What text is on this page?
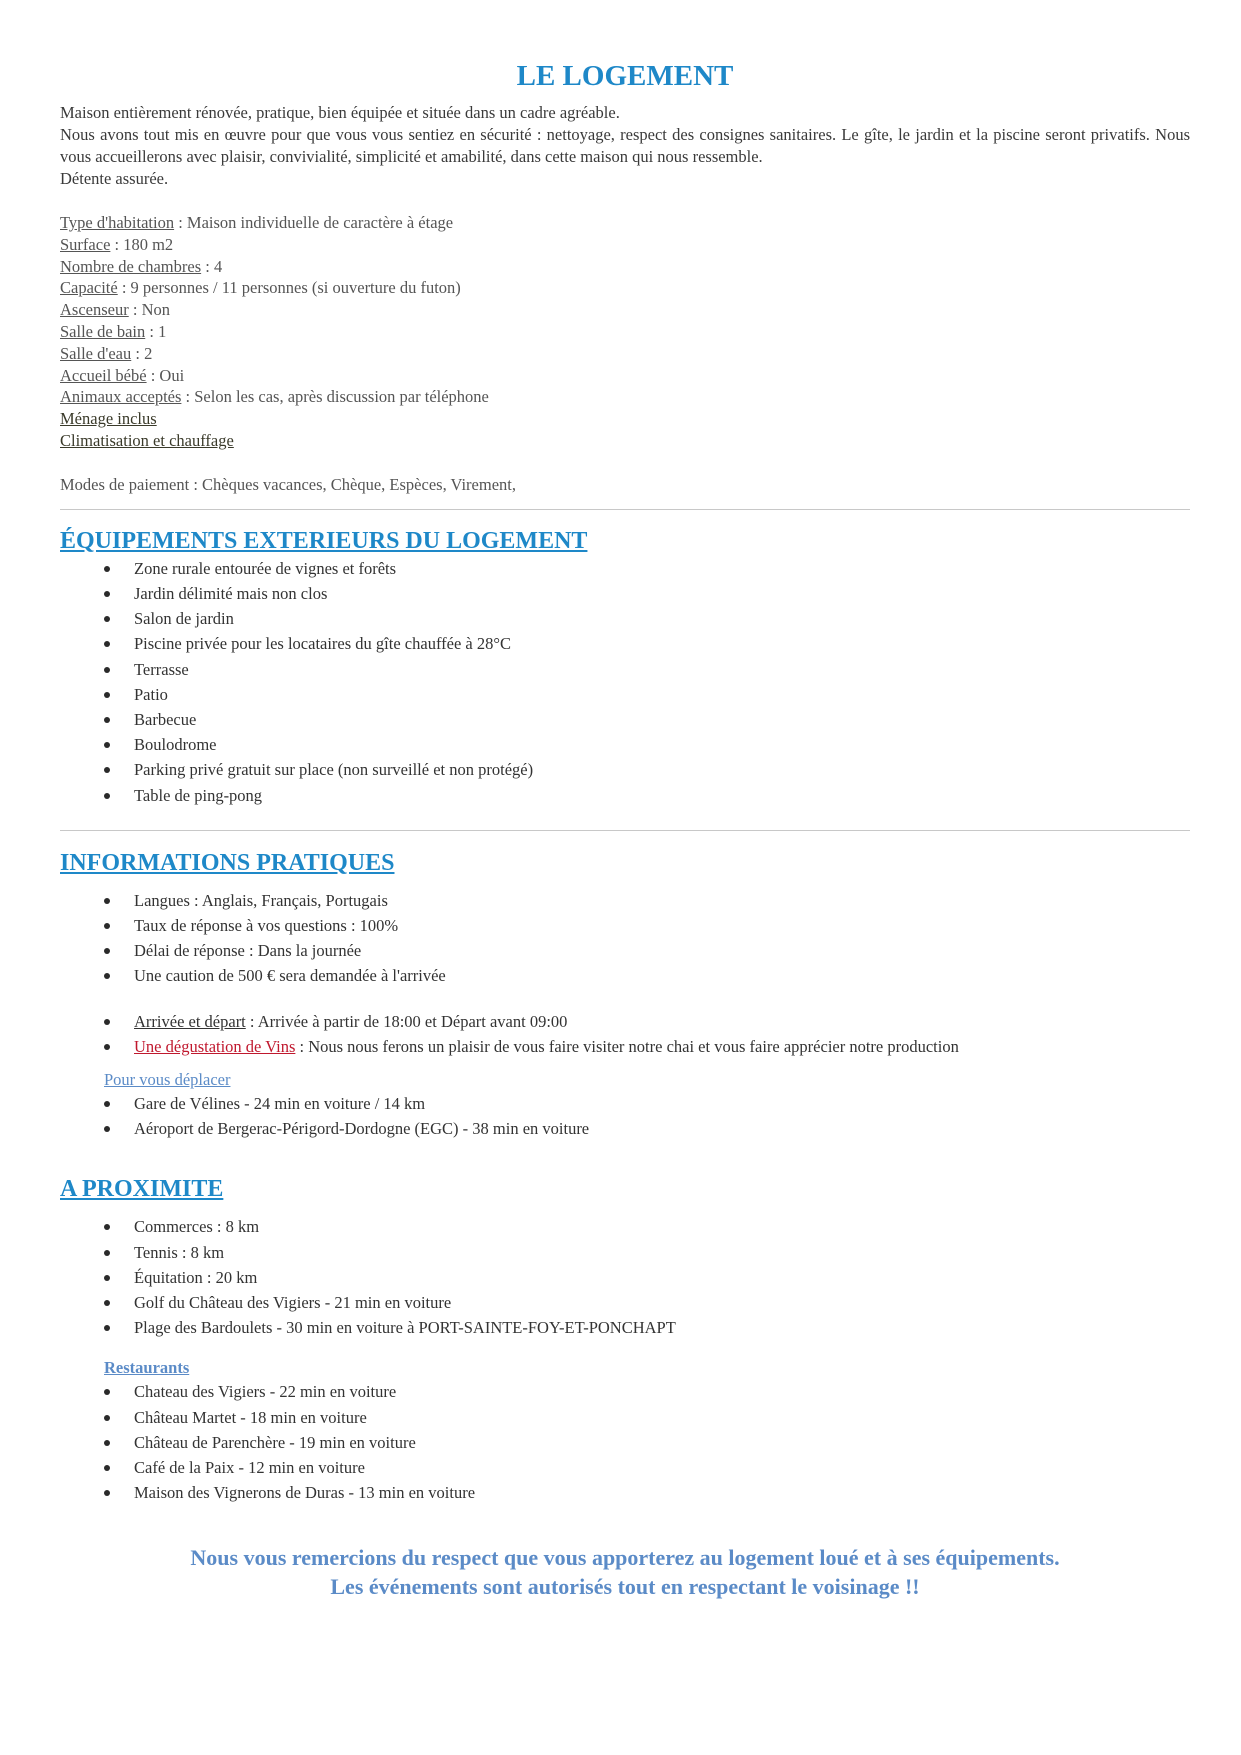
LE LOGEMENT

Maison entièrement rénovée, pratique, bien équipée et située dans un cadre agréable.

Nous avons tout mis en œuvre pour que vous vous sentiez en sécurité : nettoyage, respect des consignes sanitaires. Le gîte, le jardin et la piscine seront privatifs. Nous vous accueillerons avec plaisir, convivialité, simplicité et amabilité, dans cette maison qui nous ressemble.

Détente assurée.

Type d'habitation : Maison individuelle de caractère à étage
Surface : 180 m2
Nombre de chambres : 4
Capacité : 9 personnes / 11 personnes (si ouverture du futon)
Ascenseur : Non
Salle de bain : 1
Salle d'eau : 2
Accueil bébé : Oui
Animaux acceptés : Selon les cas, après discussion par téléphone
Ménage inclus
Climatisation et chauffage
Modes de paiement : Chèques vacances, Chèque, Espèces, Virement,
ÉQUIPEMENTS EXTERIEURS DU LOGEMENT
Zone rurale entourée de vignes et forêts
Jardin délimité mais non clos
Salon de jardin
Piscine privée pour les locataires du gîte chauffée à 28°C
Terrasse
Patio
Barbecue
Boulodrome
Parking privé gratuit sur place (non surveillé et non protégé)
Table de ping-pong
INFORMATIONS PRATIQUES
Langues : Anglais, Français, Portugais
Taux de réponse à vos questions : 100%
Délai de réponse : Dans la journée
Une caution de 500 € sera demandée à l'arrivée
Arrivée et départ : Arrivée à partir de 18:00 et Départ avant 09:00
Une dégustation de Vins : Nous nous ferons un plaisir de vous faire visiter notre chai et vous faire apprécier notre production
Pour vous déplacer
Gare de Vélines - 24 min en voiture / 14 km
Aéroport de Bergerac-Périgord-Dordogne (EGC) - 38 min en voiture
A PROXIMITE
Commerces : 8 km
Tennis : 8 km
Équitation : 20 km
Golf du Château des Vigiers - 21 min en voiture
Plage des Bardoulets - 30 min en voiture à PORT-SAINTE-FOY-ET-PONCHAPT
Restaurants
Chateau des Vigiers - 22 min en voiture
Château Martet - 18 min en voiture
Château de Parenchère - 19 min en voiture
Café de la Paix - 12 min en voiture
Maison des Vignerons de Duras - 13 min en voiture
Nous vous remercions du respect que vous apporterez au logement loué et à ses équipements.
Les événements sont autorisés tout en respectant le voisinage !!
